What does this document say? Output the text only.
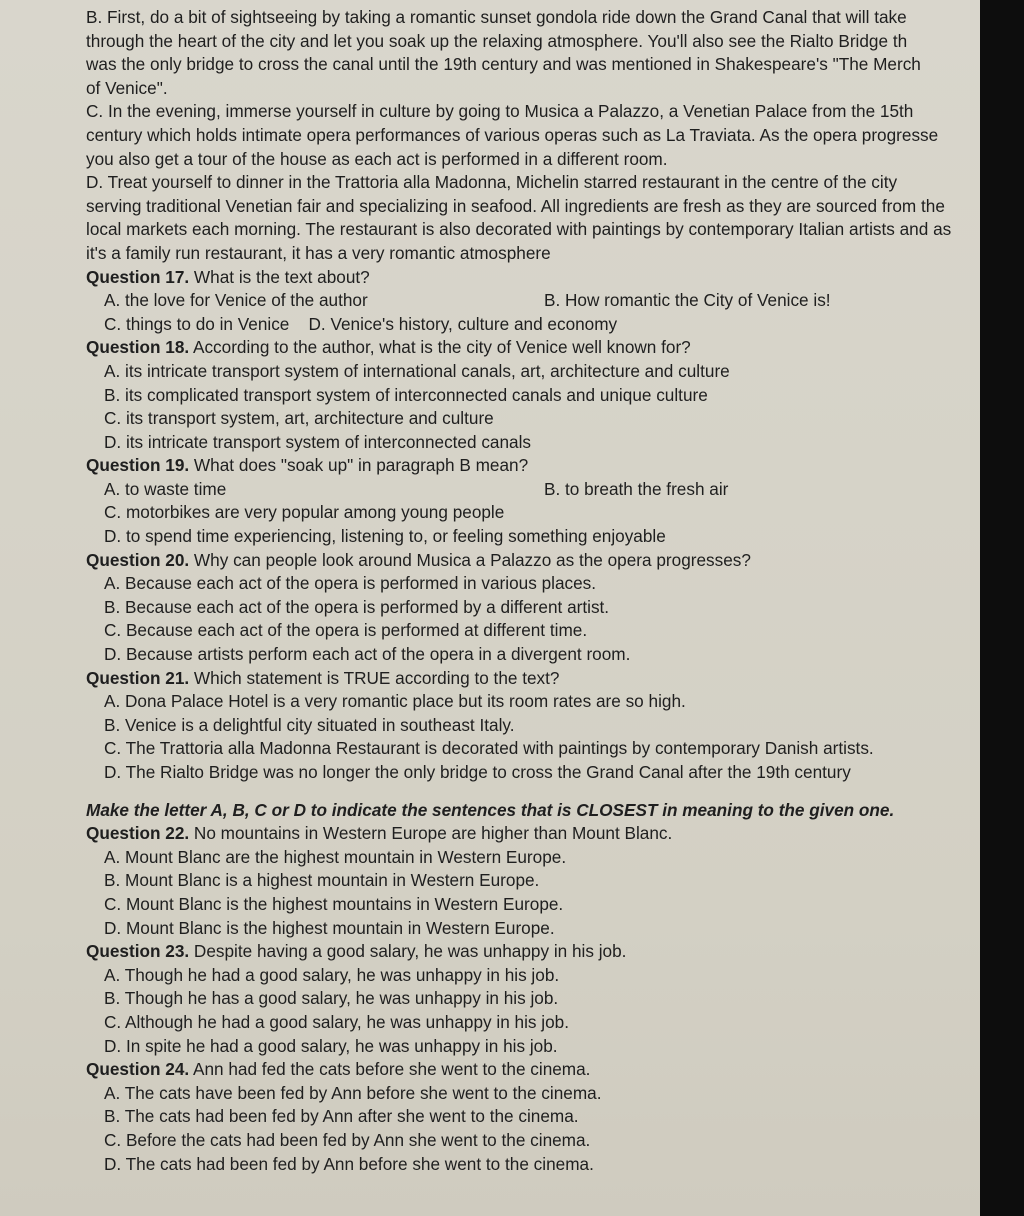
B. First, do a bit of sightseeing by taking a romantic sunset gondola ride down the Grand Canal that will take
through the heart of the city and let you soak up the relaxing atmosphere. You'll also see the Rialto Bridge th
was the only bridge to cross the canal until the 19th century and was mentioned in Shakespeare's "The Merch
of Venice".
C. In the evening, immerse yourself in culture by going to Musica a Palazzo, a Venetian Palace from the 15th
century which holds intimate opera performances of various operas such as La Traviata. As the opera progresse
you also get a tour of the house as each act is performed in a different room.
D. Treat yourself to dinner in the Trattoria alla Madonna, Michelin starred restaurant in the centre of the city
serving traditional Venetian fair and specializing in seafood. All ingredients are fresh as they are sourced from the
local markets each morning. The restaurant is also decorated with paintings by contemporary Italian artists and as
it's a family run restaurant, it has a very romantic atmosphere
Question 17. What is the text about?
A. the love for Venice of the author	B. How romantic the City of Venice is!
C. things to do in Venice D. Venice's history, culture and economy
Question 18. According to the author, what is the city of Venice well known for?
A. its intricate transport system of international canals, art, architecture and culture
B. its complicated transport system of interconnected canals and unique culture
C. its transport system, art, architecture and culture
D. its intricate transport system of interconnected canals
Question 19. What does "soak up" in paragraph B mean?
A. to waste time	B. to breath the fresh air
C. motorbikes are very popular among young people
D. to spend time experiencing, listening to, or feeling something enjoyable
Question 20. Why can people look around Musica a Palazzo as the opera progresses?
A. Because each act of the opera is performed in various places.
B. Because each act of the opera is performed by a different artist.
C. Because each act of the opera is performed at different time.
D. Because artists perform each act of the opera in a divergent room.
Question 21. Which statement is TRUE according to the text?
A. Dona Palace Hotel is a very romantic place but its room rates are so high.
B. Venice is a delightful city situated in southeast Italy.
C. The Trattoria alla Madonna Restaurant is decorated with paintings by contemporary Danish artists.
D. The Rialto Bridge was no longer the only bridge to cross the Grand Canal after the 19th century
Make the letter A, B, C or D to indicate the sentences that is CLOSEST in meaning to the given one.
Question 22. No mountains in Western Europe are higher than Mount Blanc.
A. Mount Blanc are the highest mountain in Western Europe.
B. Mount Blanc is a highest mountain in Western Europe.
C. Mount Blanc is the highest mountains in Western Europe.
D. Mount Blanc is the highest mountain in Western Europe.
Question 23. Despite having a good salary, he was unhappy in his job.
A. Though he had a good salary, he was unhappy in his job.
B. Though he has a good salary, he was unhappy in his job.
C. Although he had a good salary, he was unhappy in his job.
D. In spite he had a good salary, he was unhappy in his job.
Question 24. Ann had fed the cats before she went to the cinema.
A. The cats have been fed by Ann before she went to the cinema.
B. The cats had been fed by Ann after she went to the cinema.
C. Before the cats had been fed by Ann she went to the cinema.
D. The cats had been fed by Ann before she went to the cinema.
